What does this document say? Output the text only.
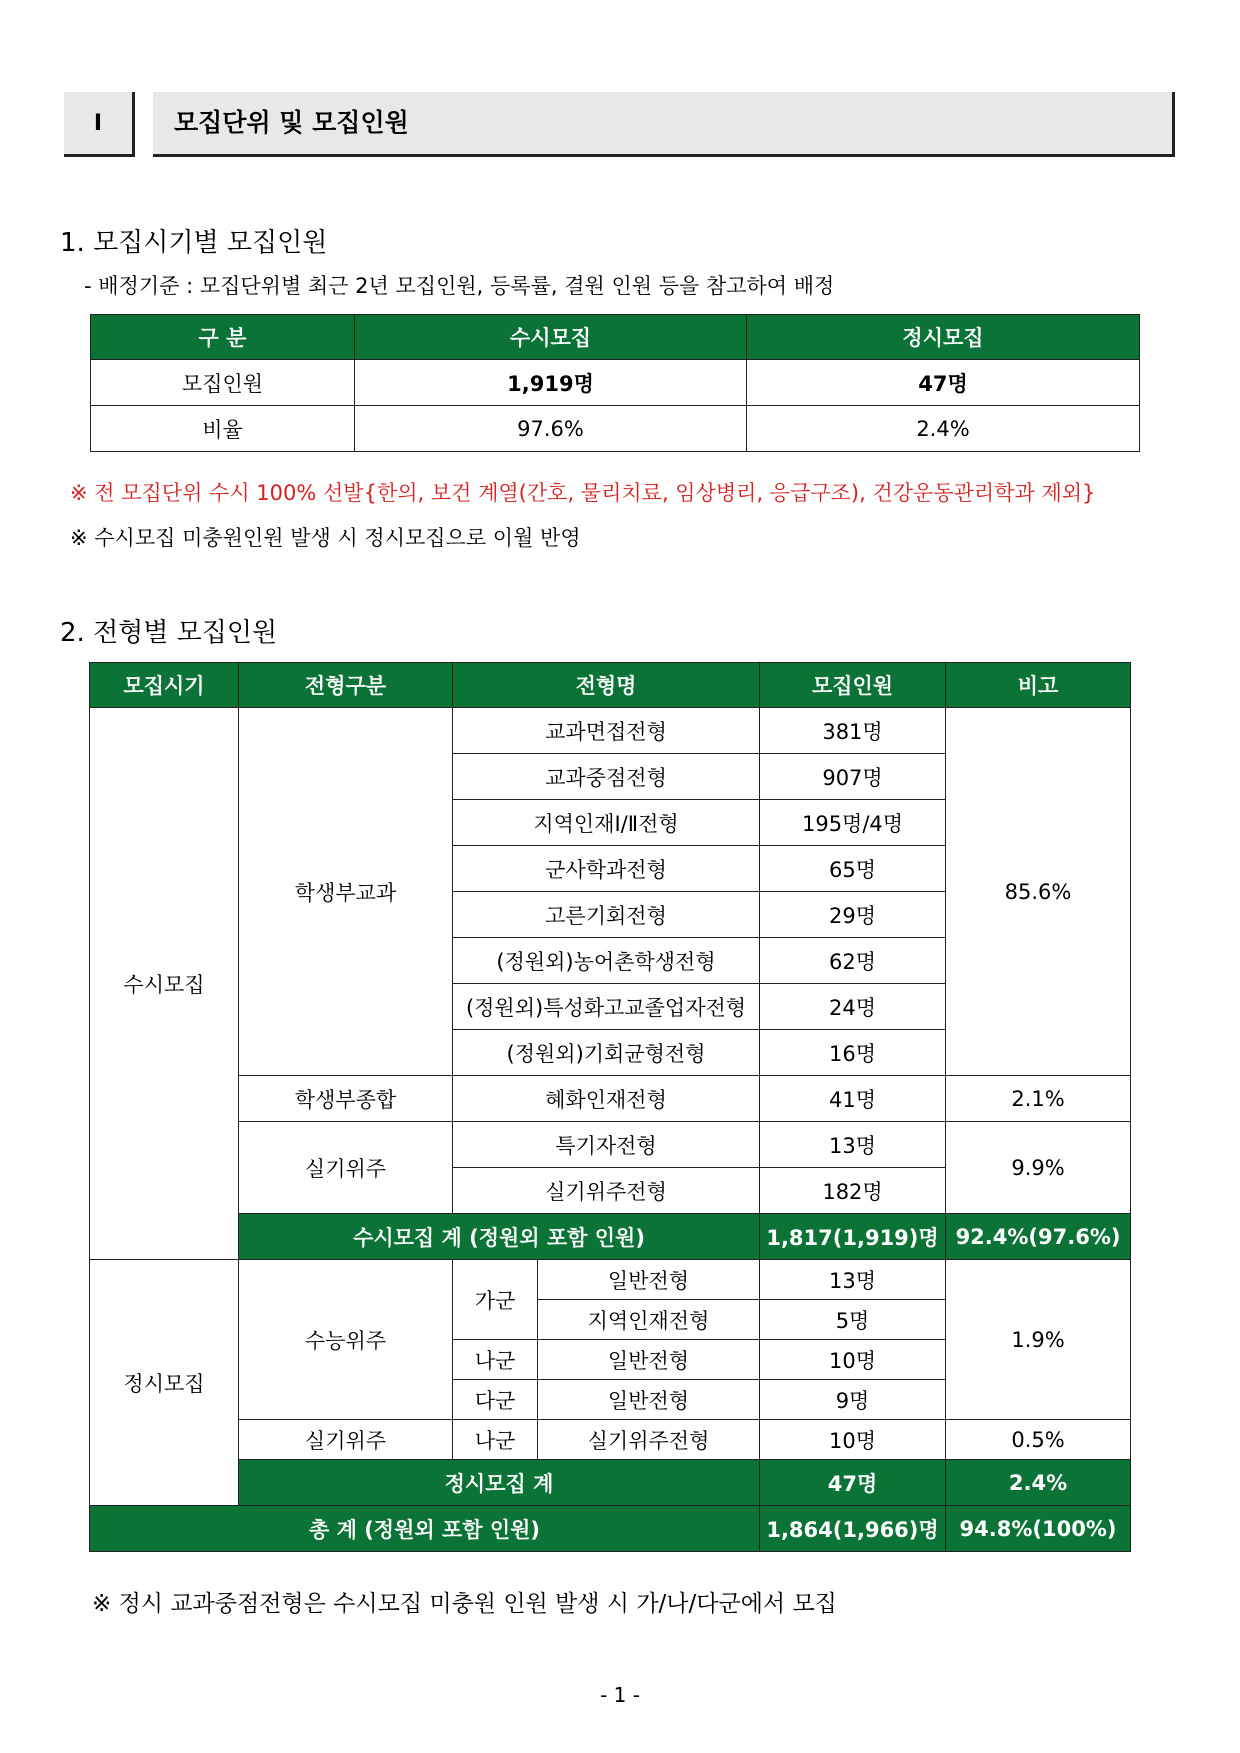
Ⅰ	모집단위 및 모집인원
1. 모집시기별 모집인원
- 배정기준 : 모집단위별 최근 2년 모집인원, 등록률, 결원 인원 등을 참고하여 배정
구 분	수시모집	정시모집
모집인원	1,919명	47명
비율	97.6%	2.4%
※ 전 모집단위 수시 100% 선발{한의, 보건 계열(간호, 물리치료, 임상병리, 응급구조), 건강운동관리학과 제외}
※ 수시모집 미충원인원 발생 시 정시모집으로 이월 반영
2. 전형별 모집인원
모집시기	전형구분	전형명		모집인원	비고
수시모집	학생부교과	교과면접전형		381명	85.6%
		교과중점전형		907명	
		지역인재Ⅰ/Ⅱ전형		195명/4명	
		군사학과전형		65명	
		고른기회전형		29명	
		(정원외)농어촌학생전형		62명	
		(정원외)특성화고교졸업자전형		24명	
		(정원외)기회균형전형		16명	
	학생부종합	혜화인재전형		41명	2.1%
	실기위주	특기자전형		13명	9.9%
		실기위주전형		182명	
	수시모집 계 (정원외 포함 인원)			1,817(1,919)명	92.4%(97.6%)
정시모집	수능위주	가군	일반전형	13명	1.9%
			지역인재전형	5명	
		나군	일반전형	10명	
		다군	일반전형	9명	
	실기위주	나군	실기위주전형	10명	0.5%
	정시모집 계			47명	2.4%
총 계 (정원외 포함 인원)				1,864(1,966)명	94.8%(100%)
※ 정시 교과중점전형은 수시모집 미충원 인원 발생 시 가/나/다군에서 모집
- 1 -
